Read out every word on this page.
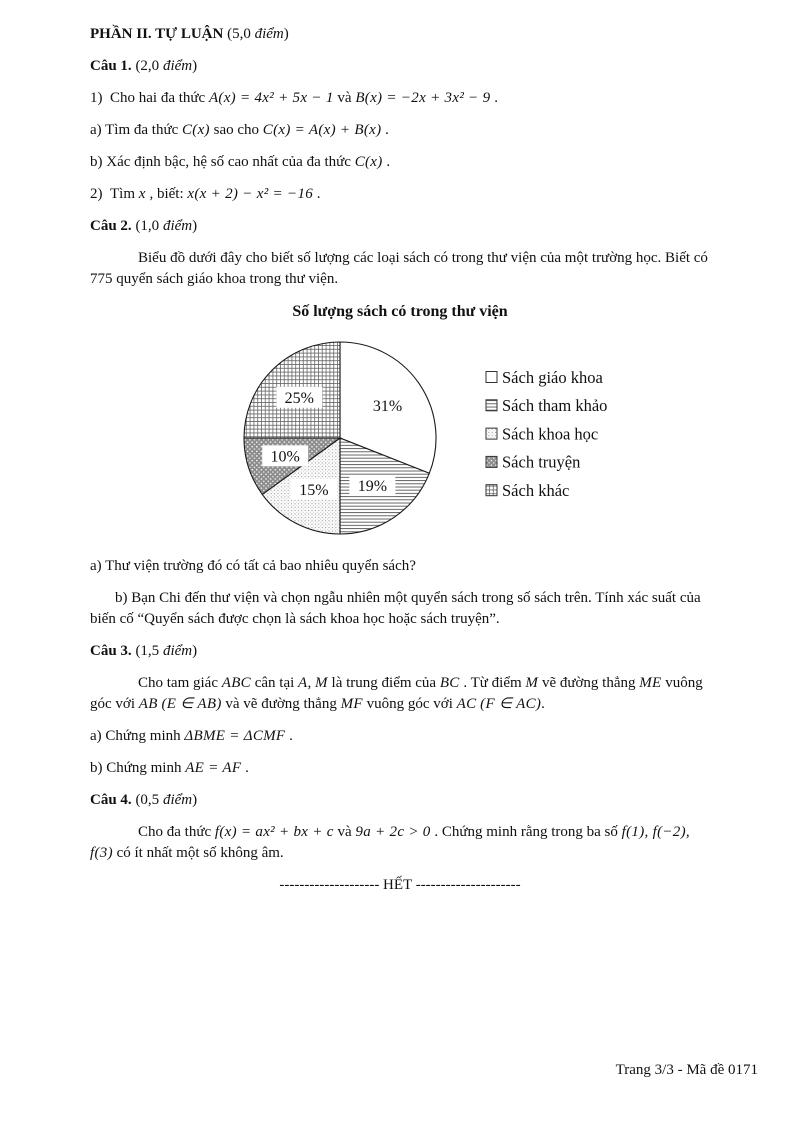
PHẦN II. TỰ LUẬN (5,0 điểm)

Câu 1. (2,0 điểm)

1) Cho hai đa thức A(x) = 4x² + 5x − 1 và B(x) = −2x + 3x² − 9 .

a) Tìm đa thức C(x) sao cho C(x) = A(x) + B(x) .

b) Xác định bậc, hệ số cao nhất của đa thức C(x) .

2) Tìm x , biết: x(x + 2) − x² = −16 .

Câu 2. (1,0 điểm)

Biểu đồ dưới đây cho biết số lượng các loại sách có trong thư viện của một trường học. Biết có 775 quyển sách giáo khoa trong thư viện.

Số lượng sách có trong thư viện

31%
19%
15%
10%
25%
Sách giáo khoa
Sách tham khảo
Sách khoa học
Sách truyện
Sách khác

a) Thư viện trường đó có tất cả bao nhiêu quyển sách?

b) Bạn Chi đến thư viện và chọn ngẫu nhiên một quyển sách trong số sách trên. Tính xác suất của biến cố “Quyển sách được chọn là sách khoa học hoặc sách truyện”.

Câu 3. (1,5 điểm)

Cho tam giác ABC cân tại A, M là trung điểm của BC . Từ điểm M vẽ đường thẳng ME vuông góc với AB (E ∈ AB) và vẽ đường thẳng MF vuông góc với AC (F ∈ AC).

a) Chứng minh ΔBME = ΔCMF .

b) Chứng minh AE = AF .

Câu 4. (0,5 điểm)

Cho đa thức f(x) = ax² + bx + c và 9a + 2c > 0 . Chứng minh rằng trong ba số f(1), f(−2), f(3) có ít nhất một số không âm.

-------------------- HẾT ---------------------

Trang 3/3 - Mã đề 0171
